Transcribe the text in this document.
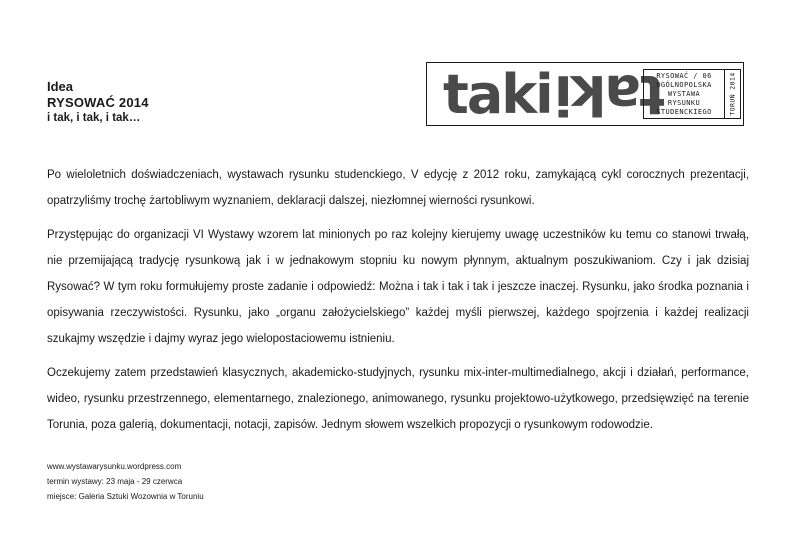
Idea
RYSOWAĆ 2014
i tak, i tak, i tak…	taki taki
RYSOWAĆ / 06
OGÓLNOPOLSKA
WYSTAWA
RYSUNKU
STUDENCKIEGO	TORUŃ 2014

Po wieloletnich doświadczeniach, wystawach rysunku studenckiego, V edycję z 2012 roku, zamykającą cykl corocznych prezentacji, opatrzyliśmy trochę żartobliwym wyznaniem, deklaracji dalszej, niezłomnej wierności rysunkowi.

Przystępując do organizacji VI Wystawy wzorem lat minionych po raz kolejny kierujemy uwagę uczestników ku temu co stanowi trwałą, nie przemijającą tradycję rysunkową jak i w jednakowym stopniu ku nowym płynnym, aktualnym poszukiwaniom. Czy i jak dzisiaj Rysować? W tym roku formułujemy proste zadanie i odpowiedź: Można i tak i tak i tak i jeszcze inaczej. Rysunku, jako środka poznania i opisywania rzeczywistości. Rysunku, jako „organu założycielskiego” każdej myśli pierwszej, każdego spojrzenia i każdej realizacji szukajmy wszędzie i dajmy wyraz jego wielopostaciowemu istnieniu.

Oczekujemy zatem przedstawień klasycznych, akademicko-studyjnych, rysunku mix-inter-multimedialnego, akcji i działań, performance, wideo, rysunku przestrzennego, elementarnego, znalezionego, animowanego, rysunku projektowo-użytkowego, przedsięwzięć na terenie Torunia, poza galerią, dokumentacji, notacji, zapisów. Jednym słowem wszelkich propozycji o rysunkowym rodowodzie.

www.wystawarysunku.wordpress.com
termin wystawy: 23 maja - 29 czerwca
miejsce: Galeria Sztuki Wozownia w Toruniu
